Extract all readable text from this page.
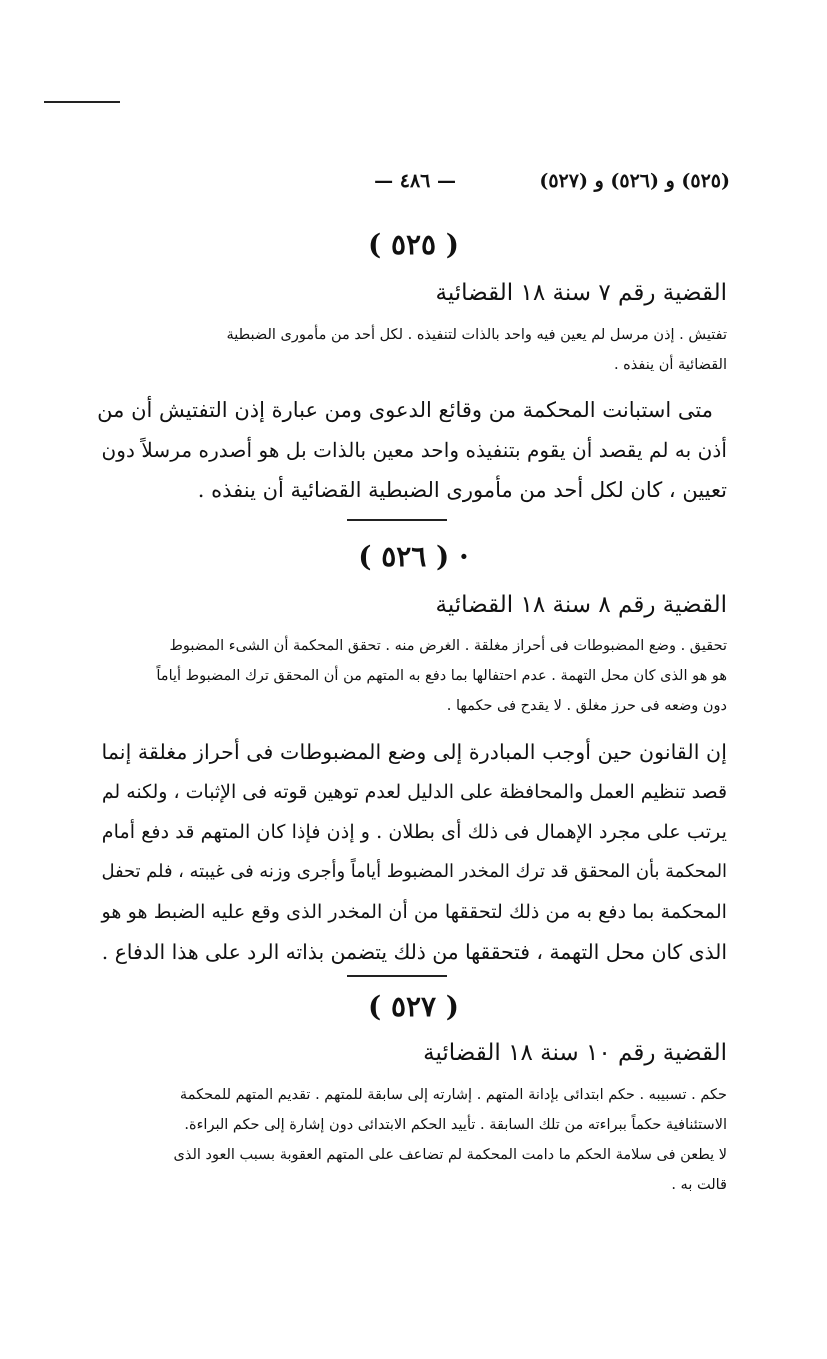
(٥٢٥) و (٥٢٦) و (٥٢٧)
— ٤٨٦ —
( ٥٢٥ )
القضية رقم ٧ سنة ١٨ القضائية
تفتيش . إذن مرسل لم يعين فيه واحد بالذات لتنفيذه . لكل أحد من مأمورى الضبطية
القضائية أن ينفذه .
متى استبانت المحكمة من وقائع الدعوى ومن عبارة إذن التفتيش أن من
أذن به لم يقصد أن يقوم بتنفيذه واحد معين بالذات بل هو أصدره مرسلاً دون
تعيين ، كان لكل أحد من مأمورى الضبطية القضائية أن ينفذه .
· ( ٥٢٦ )
القضية رقم ٨ سنة ١٨ القضائية
تحقيق . وضع المضبوطات فى أحراز مغلقة . الغرض منه . تحقق المحكمة أن الشىء المضبوط
هو هو الذى كان محل التهمة . عدم احتفالها بما دفع به المتهم من أن المحقق ترك المضبوط أياماً
دون وضعه فى حرز مغلق . لا يقدح فى حكمها .
إن القانون حين أوجب المبادرة إلى وضع المضبوطات فى أحراز مغلقة إنما
قصد تنظيم العمل والمحافظة على الدليل لعدم توهين قوته فى الإثبات ، ولكنه لم
يرتب على مجرد الإهمال فى ذلك أى بطلان . و إذن فإذا كان المتهم قد دفع أمام
المحكمة بأن المحقق قد ترك المخدر المضبوط أياماً وأجرى وزنه فى غيبته ، فلم تحفل
المحكمة بما دفع به من ذلك لتحققها من أن المخدر الذى وقع عليه الضبط هو هو
الذى كان محل التهمة ، فتحققها من ذلك يتضمن بذاته الرد على هذا الدفاع .
( ٥٢٧ )
القضية رقم ١٠ سنة ١٨ القضائية
حكم . تسبيبه . حكم ابتدائى بإدانة المتهم . إشارته إلى سابقة للمتهم . تقديم المتهم للمحكمة
الاستئنافية حكماً ببراءته من تلك السابقة . تأييد الحكم الابتدائى دون إشارة إلى حكم البراءة.
لا يطعن فى سلامة الحكم ما دامت المحكمة لم تضاعف على المتهم العقوبة بسبب العود الذى
قالت به .
